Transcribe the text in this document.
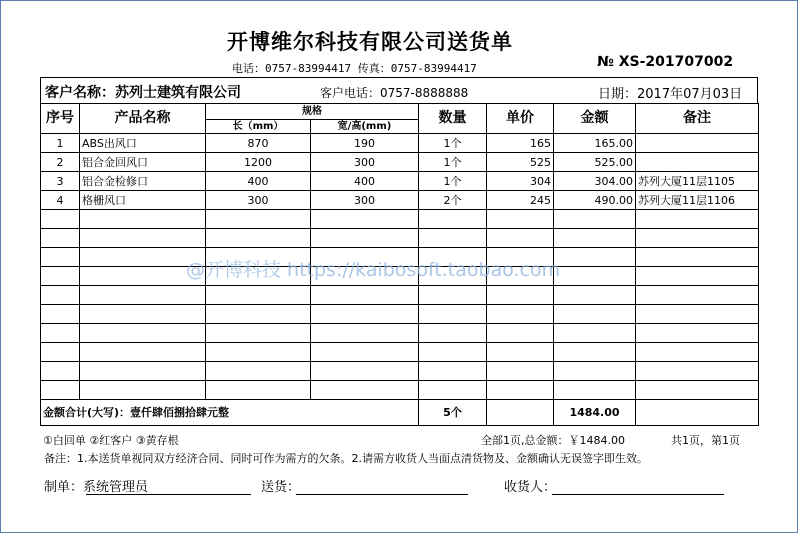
开博维尔科技有限公司送货单
电话：0757-83994417 传真：0757-83994417	№ XS-201707002
客户名称：苏列士建筑有限公司	客户电话：0757-8888888	日期：2017年07月03日
序号	产品名称	规格		数量	单价	金额	备注
		长（mm）	宽/高(mm)				
1	ABS出风口	870	190	1个	165	165.00	
2	铝合金回风口	1200	300	1个	525	525.00	
3	铝合金检修口	400	400	1个	304	304.00	苏列大厦11层1105
4	格栅风口	300	300	2个	245	490.00	苏列大厦11层1106

金额合计(大写)：壹仟肆佰捌拾肆元整				5个		1484.00	
@开博科技 https://kaibosoft.taobao.com
①白回单 ②红客户 ③黄存根	全部1页,总金额：￥1484.00	共1页，第1页
备注：1.本送货单视同双方经济合同、同时可作为需方的欠条。2.请需方收货人当面点清货物及、金额确认无误签字即生效。
制单：系统管理员	送货：	收货人：
